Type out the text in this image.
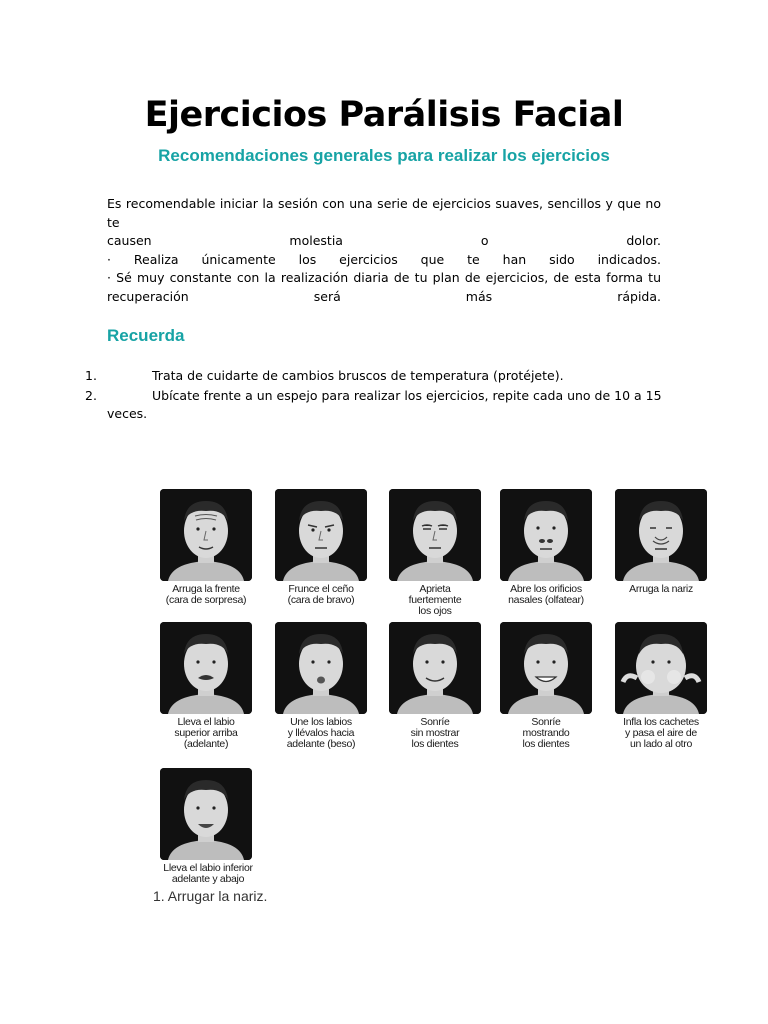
Ejercicios Parálisis Facial
Recomendaciones generales para realizar los ejercicios

Es recomendable iniciar la sesión con una serie de ejercicios suaves, sencillos y que no te

causen molestia o dolor.

· Realiza únicamente los ejercicios que te han sido indicados.

· Sé muy constante con la realización diaria de tu plan de ejercicios, de esta forma tu

recuperación será más rápida.

Recuerda
1.	Trata de cuidarte de cambios bruscos de temperatura (protéjete).
2.	Ubícate frente a un espejo para realizar los ejercicios, repite cada uno de 10 a 15
veces.
Arruga la frente
(cara de sorpresa)
Frunce el ceño
(cara de bravo)
Aprieta
fuertemente
los ojos
Abre los orificios
nasales (olfatear)
Arruga la nariz
Lleva el labio
superior arriba
(adelante)
Une los labios
y llévalos hacia
adelante (beso)
Sonríe
sin mostrar
los dientes
Sonríe
mostrando
los dientes
Infla los cachetes
y pasa el aire de
un lado al otro
Lleva el labio inferior
adelante y abajo
1. Arrugar la nariz.
